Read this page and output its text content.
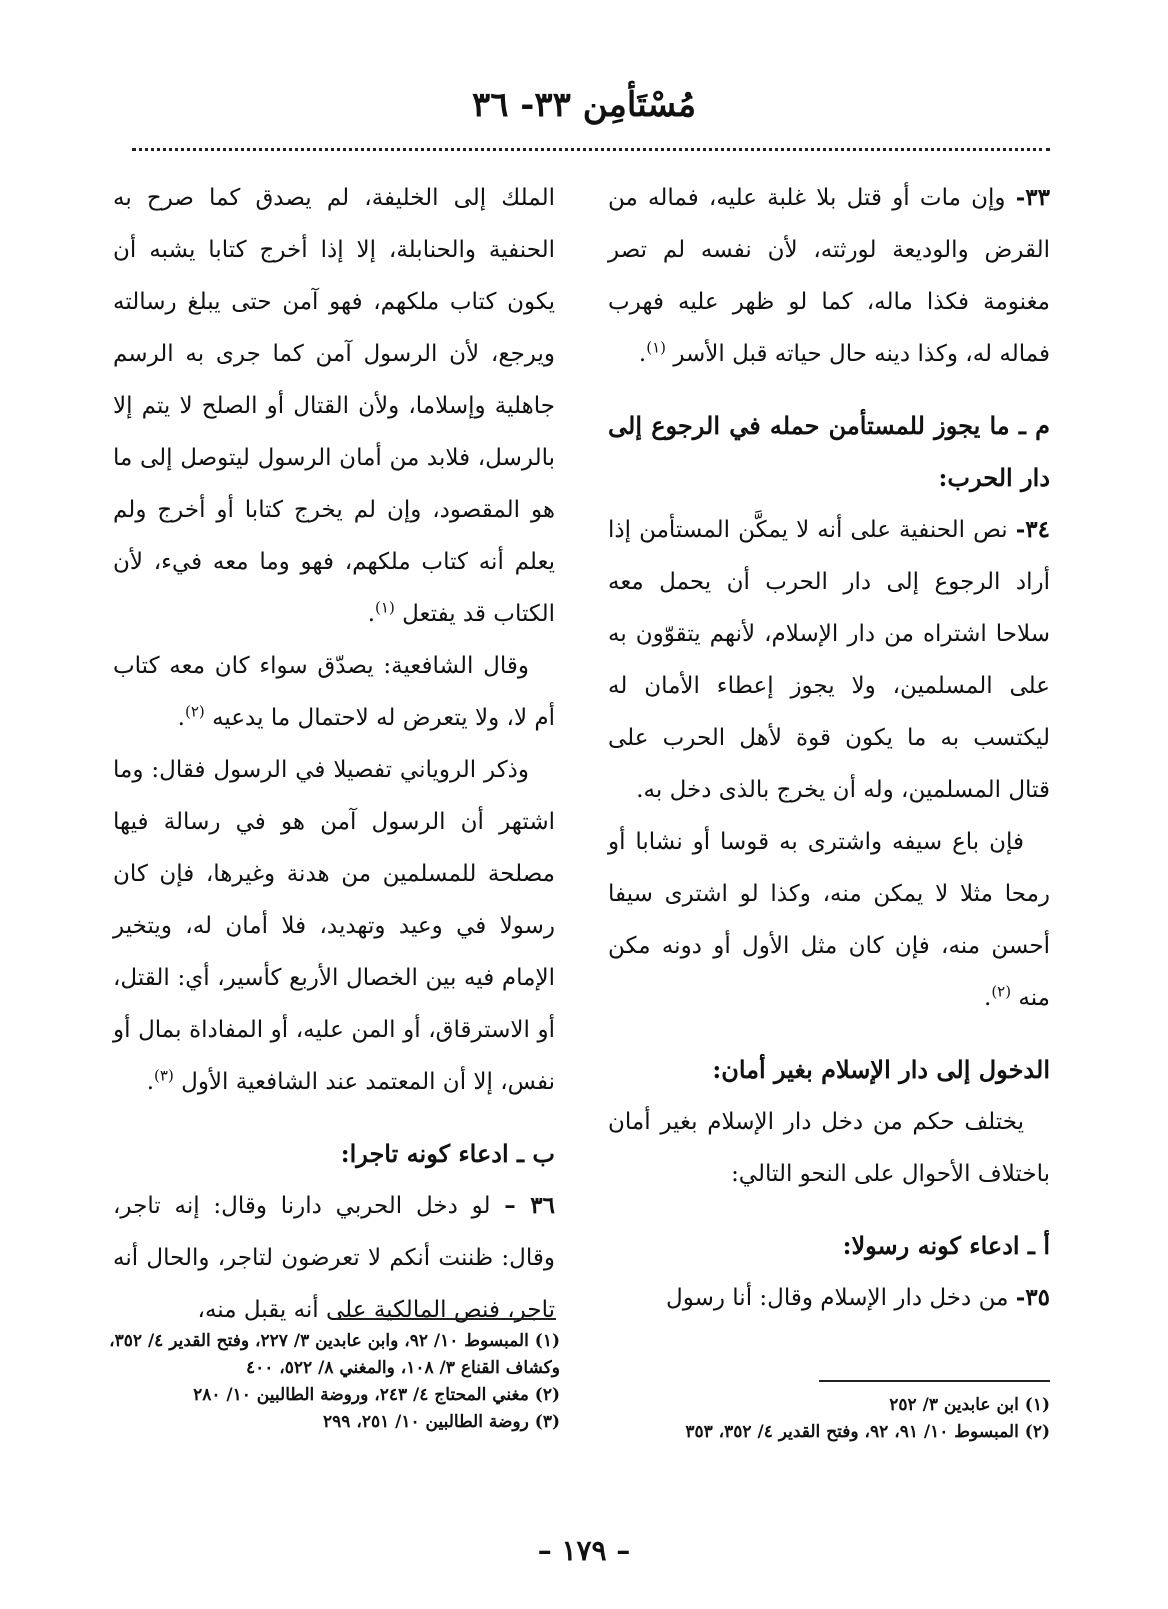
مُسْتَأمِن ٣٣- ٣٦

٣٣- وإن مات أو قتل بلا غلبة عليه، فماله من القرض والوديعة لورثته، لأن نفسه لم تصر مغنومة فكذا ماله، كما لو ظهر عليه فهرب فماله له، وكذا دينه حال حياته قبل الأسر $^{(١)}$.

م ـ ما يجوز للمستأمن حمله في الرجوع إلى دار الحرب:

٣٤- نص الحنفية على أنه لا يمكَّن المستأمن إذا أراد الرجوع إلى دار الحرب أن يحمل معه سلاحا اشتراه من دار الإسلام، لأنهم يتقوّون به على المسلمين، ولا يجوز إعطاء الأمان له ليكتسب به ما يكون قوة لأهل الحرب على قتال المسلمين، وله أن يخرج بالذى دخل به.

فإن باع سيفه واشترى به قوسا أو نشابا أو رمحا مثلا لا يمكن منه، وكذا لو اشترى سيفا أحسن منه، فإن كان مثل الأول أو دونه مكن منه $^{(٢)}$.

الدخول إلى دار الإسلام بغير أمان:

يختلف حكم من دخل دار الإسلام بغير أمان باختلاف الأحوال على النحو التالي:

أ ـ ادعاء كونه رسولا:

٣٥- من دخل دار الإسلام وقال: أنا رسول

الملك إلى الخليفة، لم يصدق كما صرح به الحنفية والحنابلة، إلا إذا أخرج كتابا يشبه أن يكون كتاب ملكهم، فهو آمن حتى يبلغ رسالته ويرجع، لأن الرسول آمن كما جرى به الرسم جاهلية وإسلاما، ولأن القتال أو الصلح لا يتم إلا بالرسل، فلابد من أمان الرسول ليتوصل إلى ما هو المقصود، وإن لم يخرج كتابا أو أخرج ولم يعلم أنه كتاب ملكهم، فهو وما معه فيء، لأن الكتاب قد يفتعل $^{(١)}$.

وقال الشافعية: يصدّق سواء كان معه كتاب أم لا، ولا يتعرض له لاحتمال ما يدعيه $^{(٢)}$.

وذكر الروياني تفصيلا في الرسول فقال: وما اشتهر أن الرسول آمن هو في رسالة فيها مصلحة للمسلمين من هدنة وغيرها، فإن كان رسولا في وعيد وتهديد، فلا أمان له، ويتخير الإمام فيه بين الخصال الأربع كأسير، أي: القتل، أو الاسترقاق، أو المن عليه، أو المفاداة بمال أو نفس، إلا أن المعتمد عند الشافعية الأول $^{(٣)}$.

ب ـ ادعاء كونه تاجرا:

٣٦ – لو دخل الحربي دارنا وقال: إنه تاجر، وقال: ظننت أنكم لا تعرضون لتاجر، والحال أنه تاجر، فنص المالكية على أنه يقبل منه،

(١) المبسوط ١٠/ ٩٢، وابن عابدين ٣/ ٢٢٧، وفتح القدير ٤/ ٣٥٢، وكشاف القناع ٣/ ١٠٨، والمغني ٨/ ٥٢٢، ٤٠٠

(٢) مغني المحتاج ٤/ ٢٤٣، وروضة الطالبين ١٠/ ٢٨٠

(٣) روضة الطالبين ١٠/ ٢٥١، ٢٩٩

(١) ابن عابدين ٣/ ٢٥٢

(٢) المبسوط ١٠/ ٩١، ٩٢، وفتح القدير ٤/ ٣٥٢، ٣٥٣

– ١٧٩ –
